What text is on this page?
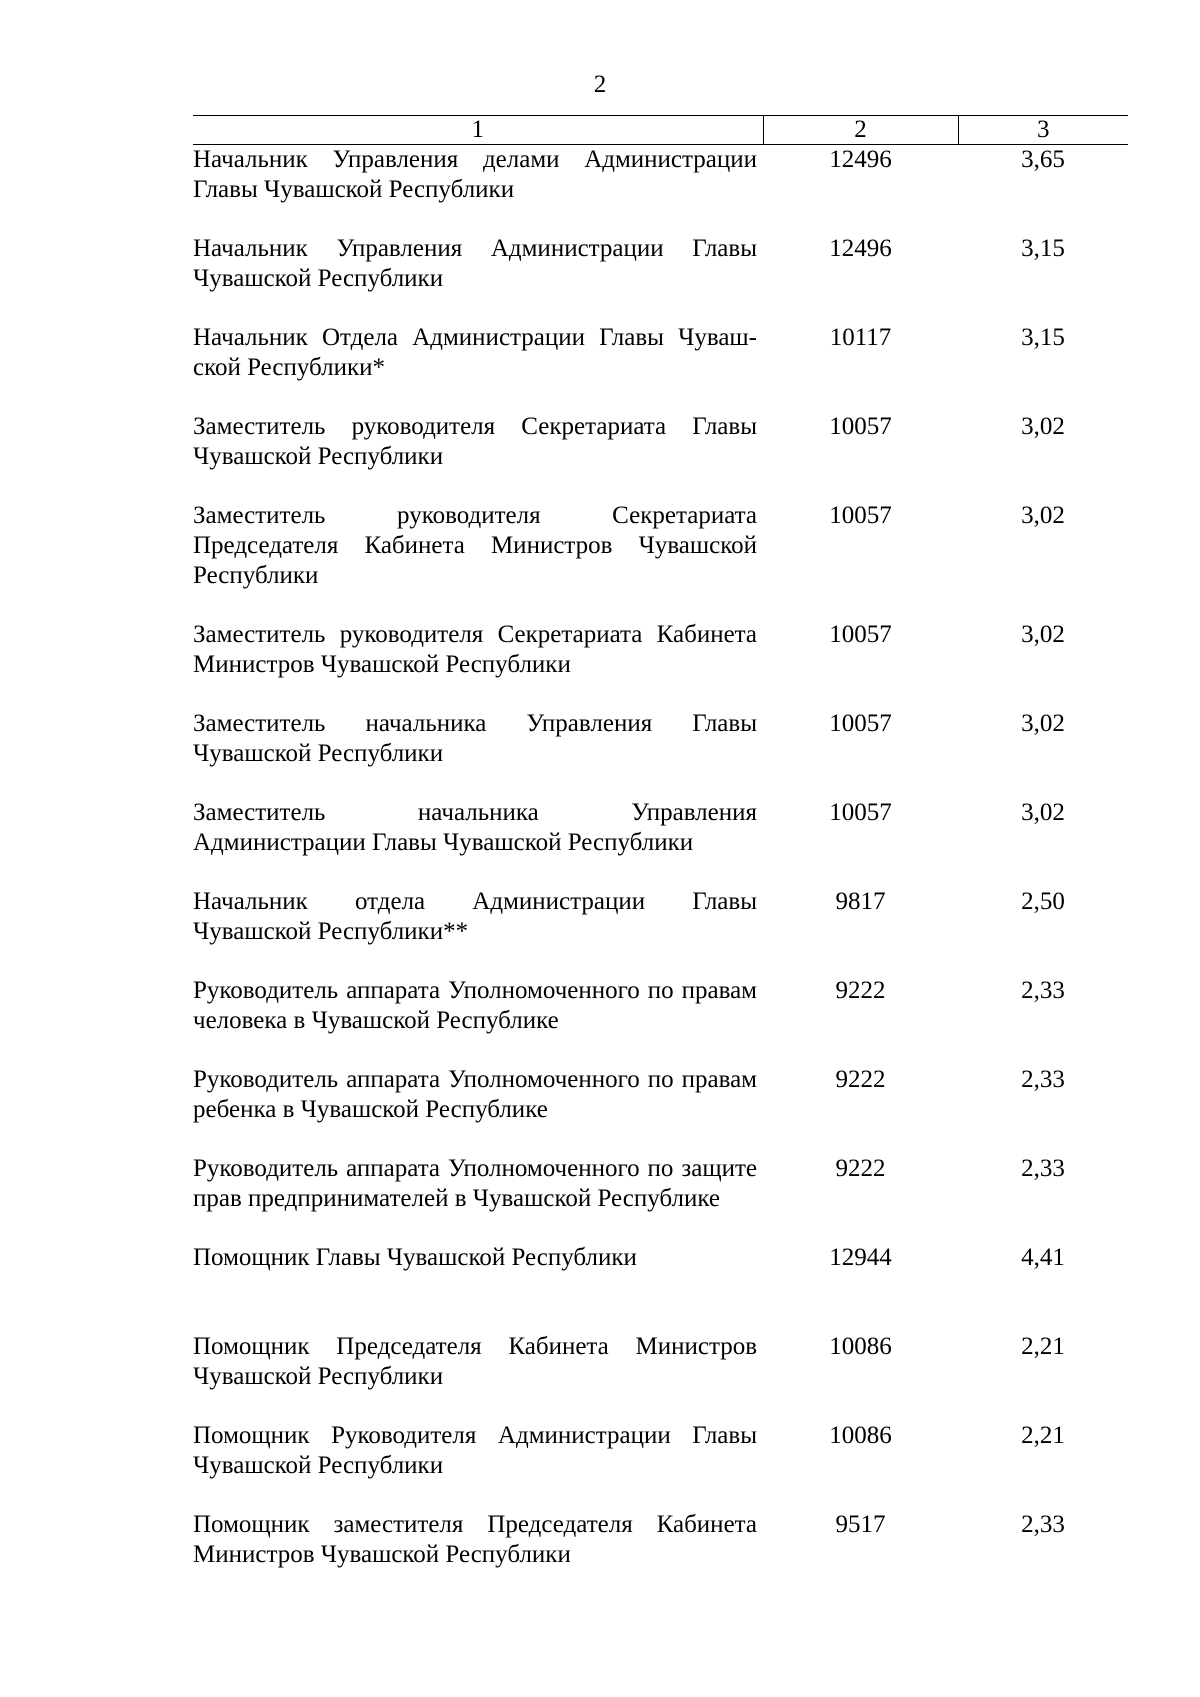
2
1	2	3

Начальник Управления делами Администрации Главы Чувашской Республики	12496	3,65

Начальник Управления Администрации Главы Чувашской Республики	12496	3,15

Начальник Отдела Администрации Главы Чуваш-ской Республики*	10117	3,15

Заместитель руководителя Секретариата Главы Чувашской Республики	10057	3,02

Заместитель руководителя Секретариата Председателя Кабинета Министров Чувашской Республики	10057	3,02

Заместитель руководителя Секретариата Кабинета Министров Чувашской Республики	10057	3,02

Заместитель начальника Управления Главы Чувашской Республики	10057	3,02

Заместитель начальника Управления Администрации Главы Чувашской Республики	10057	3,02

Начальник отдела Администрации Главы Чувашской Республики**	9817	2,50

Руководитель аппарата Уполномоченного по правам человека в Чувашской Республике	9222	2,33

Руководитель аппарата Уполномоченного по правам ребенка в Чувашской Республике	9222	2,33

Руководитель аппарата Уполномоченного по защите прав предпринимателей в Чувашской Республике	9222	2,33

Помощник Главы Чувашской Республики	12944	4,41

Помощник Председателя Кабинета Министров Чувашской Республики	10086	2,21

Помощник Руководителя Администрации Главы Чувашской Республики	10086	2,21

Помощник заместителя Председателя Кабинета Министров Чувашской Республики	9517	2,33
